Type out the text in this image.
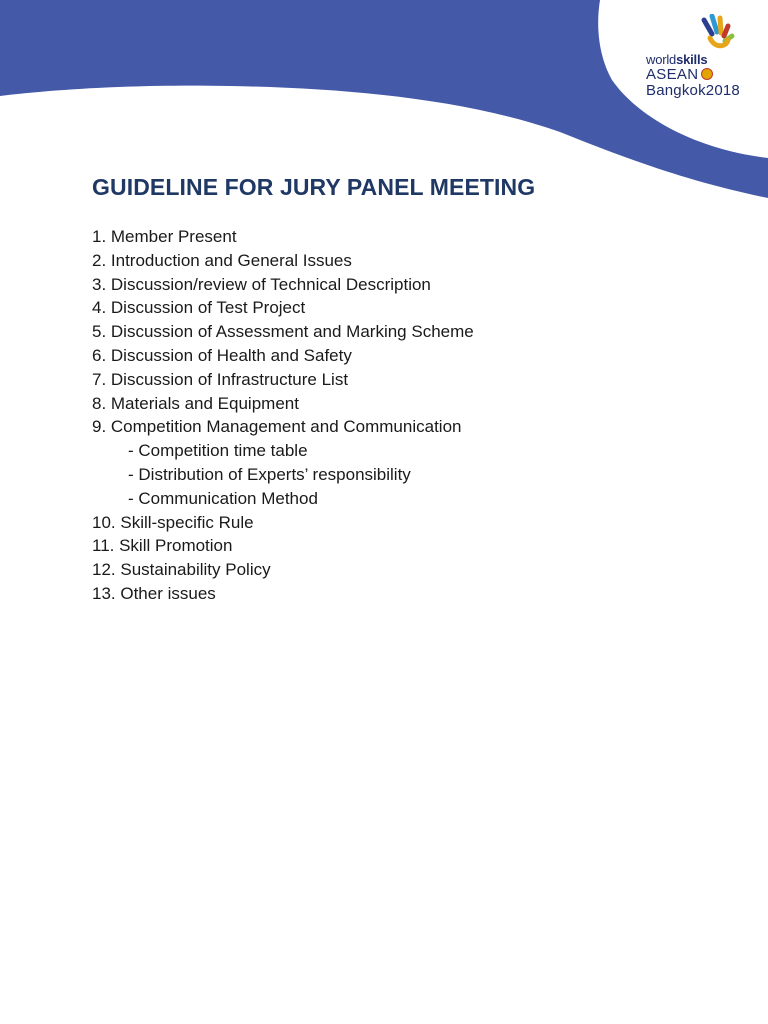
worldskills
ASEAN
Bangkok2018
GUIDELINE FOR JURY PANEL MEETING
1. Member Present
2. Introduction and General Issues
3. Discussion/review of Technical Description
4. Discussion of Test Project
5. Discussion of Assessment and Marking Scheme
6. Discussion of Health and Safety
7. Discussion of Infrastructure List
8. Materials and Equipment
9. Competition Management and Communication
- Competition time table
- Distribution of Experts’ responsibility
- Communication Method
10. Skill-specific Rule
11. Skill Promotion
12. Sustainability Policy
13. Other issues
